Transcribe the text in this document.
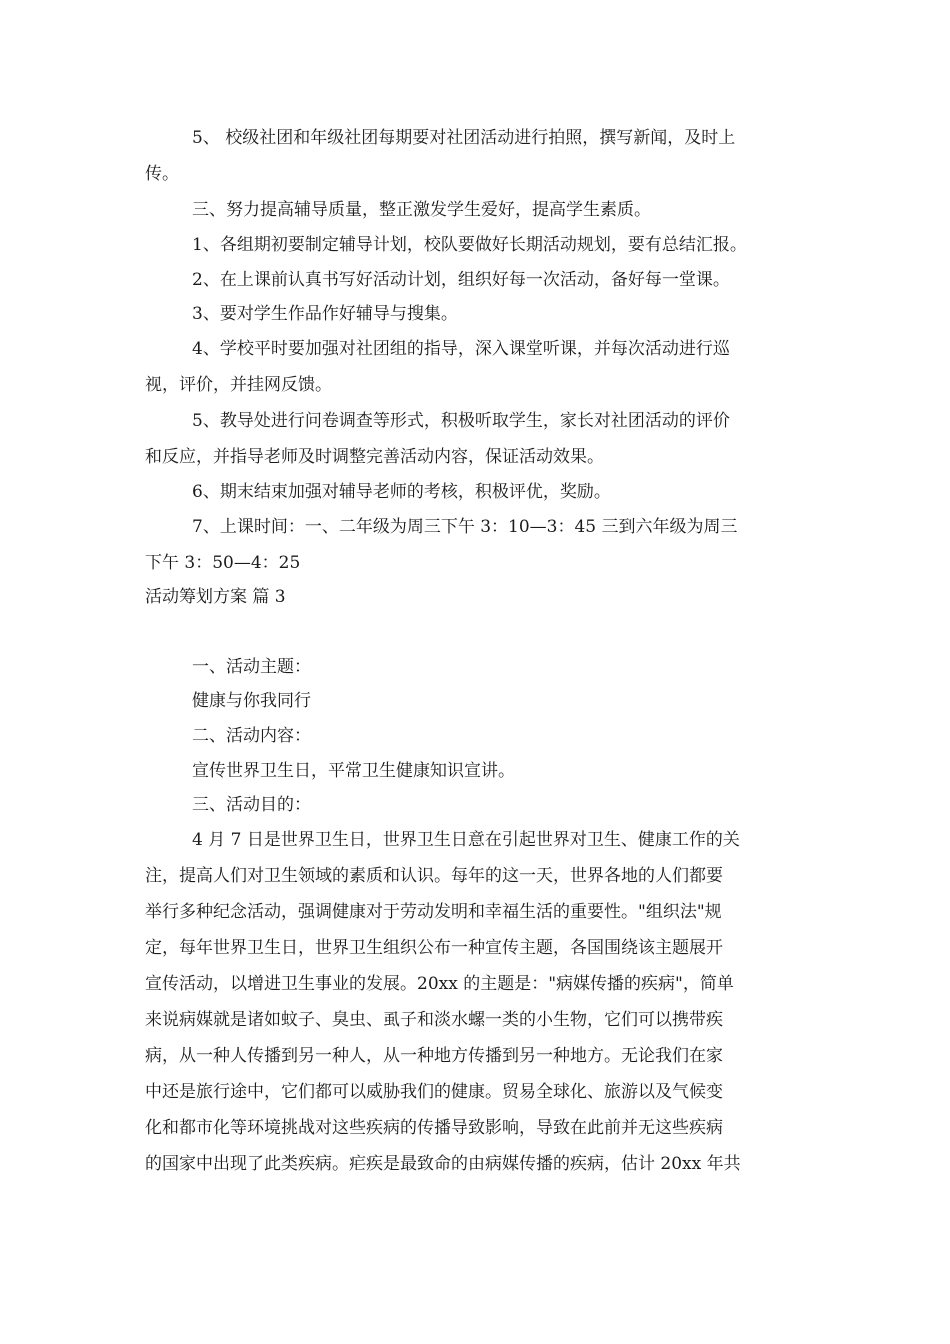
5、 校级社团和年级社团每期要对社团活动进行拍照，撰写新闻，及时上
传。
三、努力提高辅导质量，整正激发学生爱好，提高学生素质。
1、各组期初要制定辅导计划，校队要做好长期活动规划，要有总结汇报。
2、在上课前认真书写好活动计划，组织好每一次活动，备好每一堂课。
3、要对学生作品作好辅导与搜集。
4、学校平时要加强对社团组的指导，深入课堂听课，并每次活动进行巡
视，评价，并挂网反馈。
5、教导处进行问卷调查等形式，积极听取学生，家长对社团活动的评价
和反应，并指导老师及时调整完善活动内容，保证活动效果。
6、期末结束加强对辅导老师的考核，积极评优，奖励。
7、上课时间：一、二年级为周三下午 3：10—3：45 三到六年级为周三
下午 3：50—4：25
活动筹划方案 篇 3
一、活动主题：
健康与你我同行
二、活动内容：
宣传世界卫生日，平常卫生健康知识宣讲。
三、活动目的：
4 月 7 日是世界卫生日，世界卫生日意在引起世界对卫生、健康工作的关
注，提高人们对卫生领域的素质和认识。每年的这一天，世界各地的人们都要
举行多种纪念活动，强调健康对于劳动发明和幸福生活的重要性。"组织法"规
定，每年世界卫生日，世界卫生组织公布一种宣传主题，各国围绕该主题展开
宣传活动，以增进卫生事业的发展。20xx 的主题是："病媒传播的疾病"，简单
来说病媒就是诸如蚊子、臭虫、虱子和淡水螺一类的小生物，它们可以携带疾
病，从一种人传播到另一种人，从一种地方传播到另一种地方。无论我们在家
中还是旅行途中，它们都可以威胁我们的健康。贸易全球化、旅游以及气候变
化和都市化等环境挑战对这些疾病的传播导致影响，导致在此前并无这些疾病
的国家中出现了此类疾病。疟疾是最致命的由病媒传播的疾病，估计 20xx 年共
